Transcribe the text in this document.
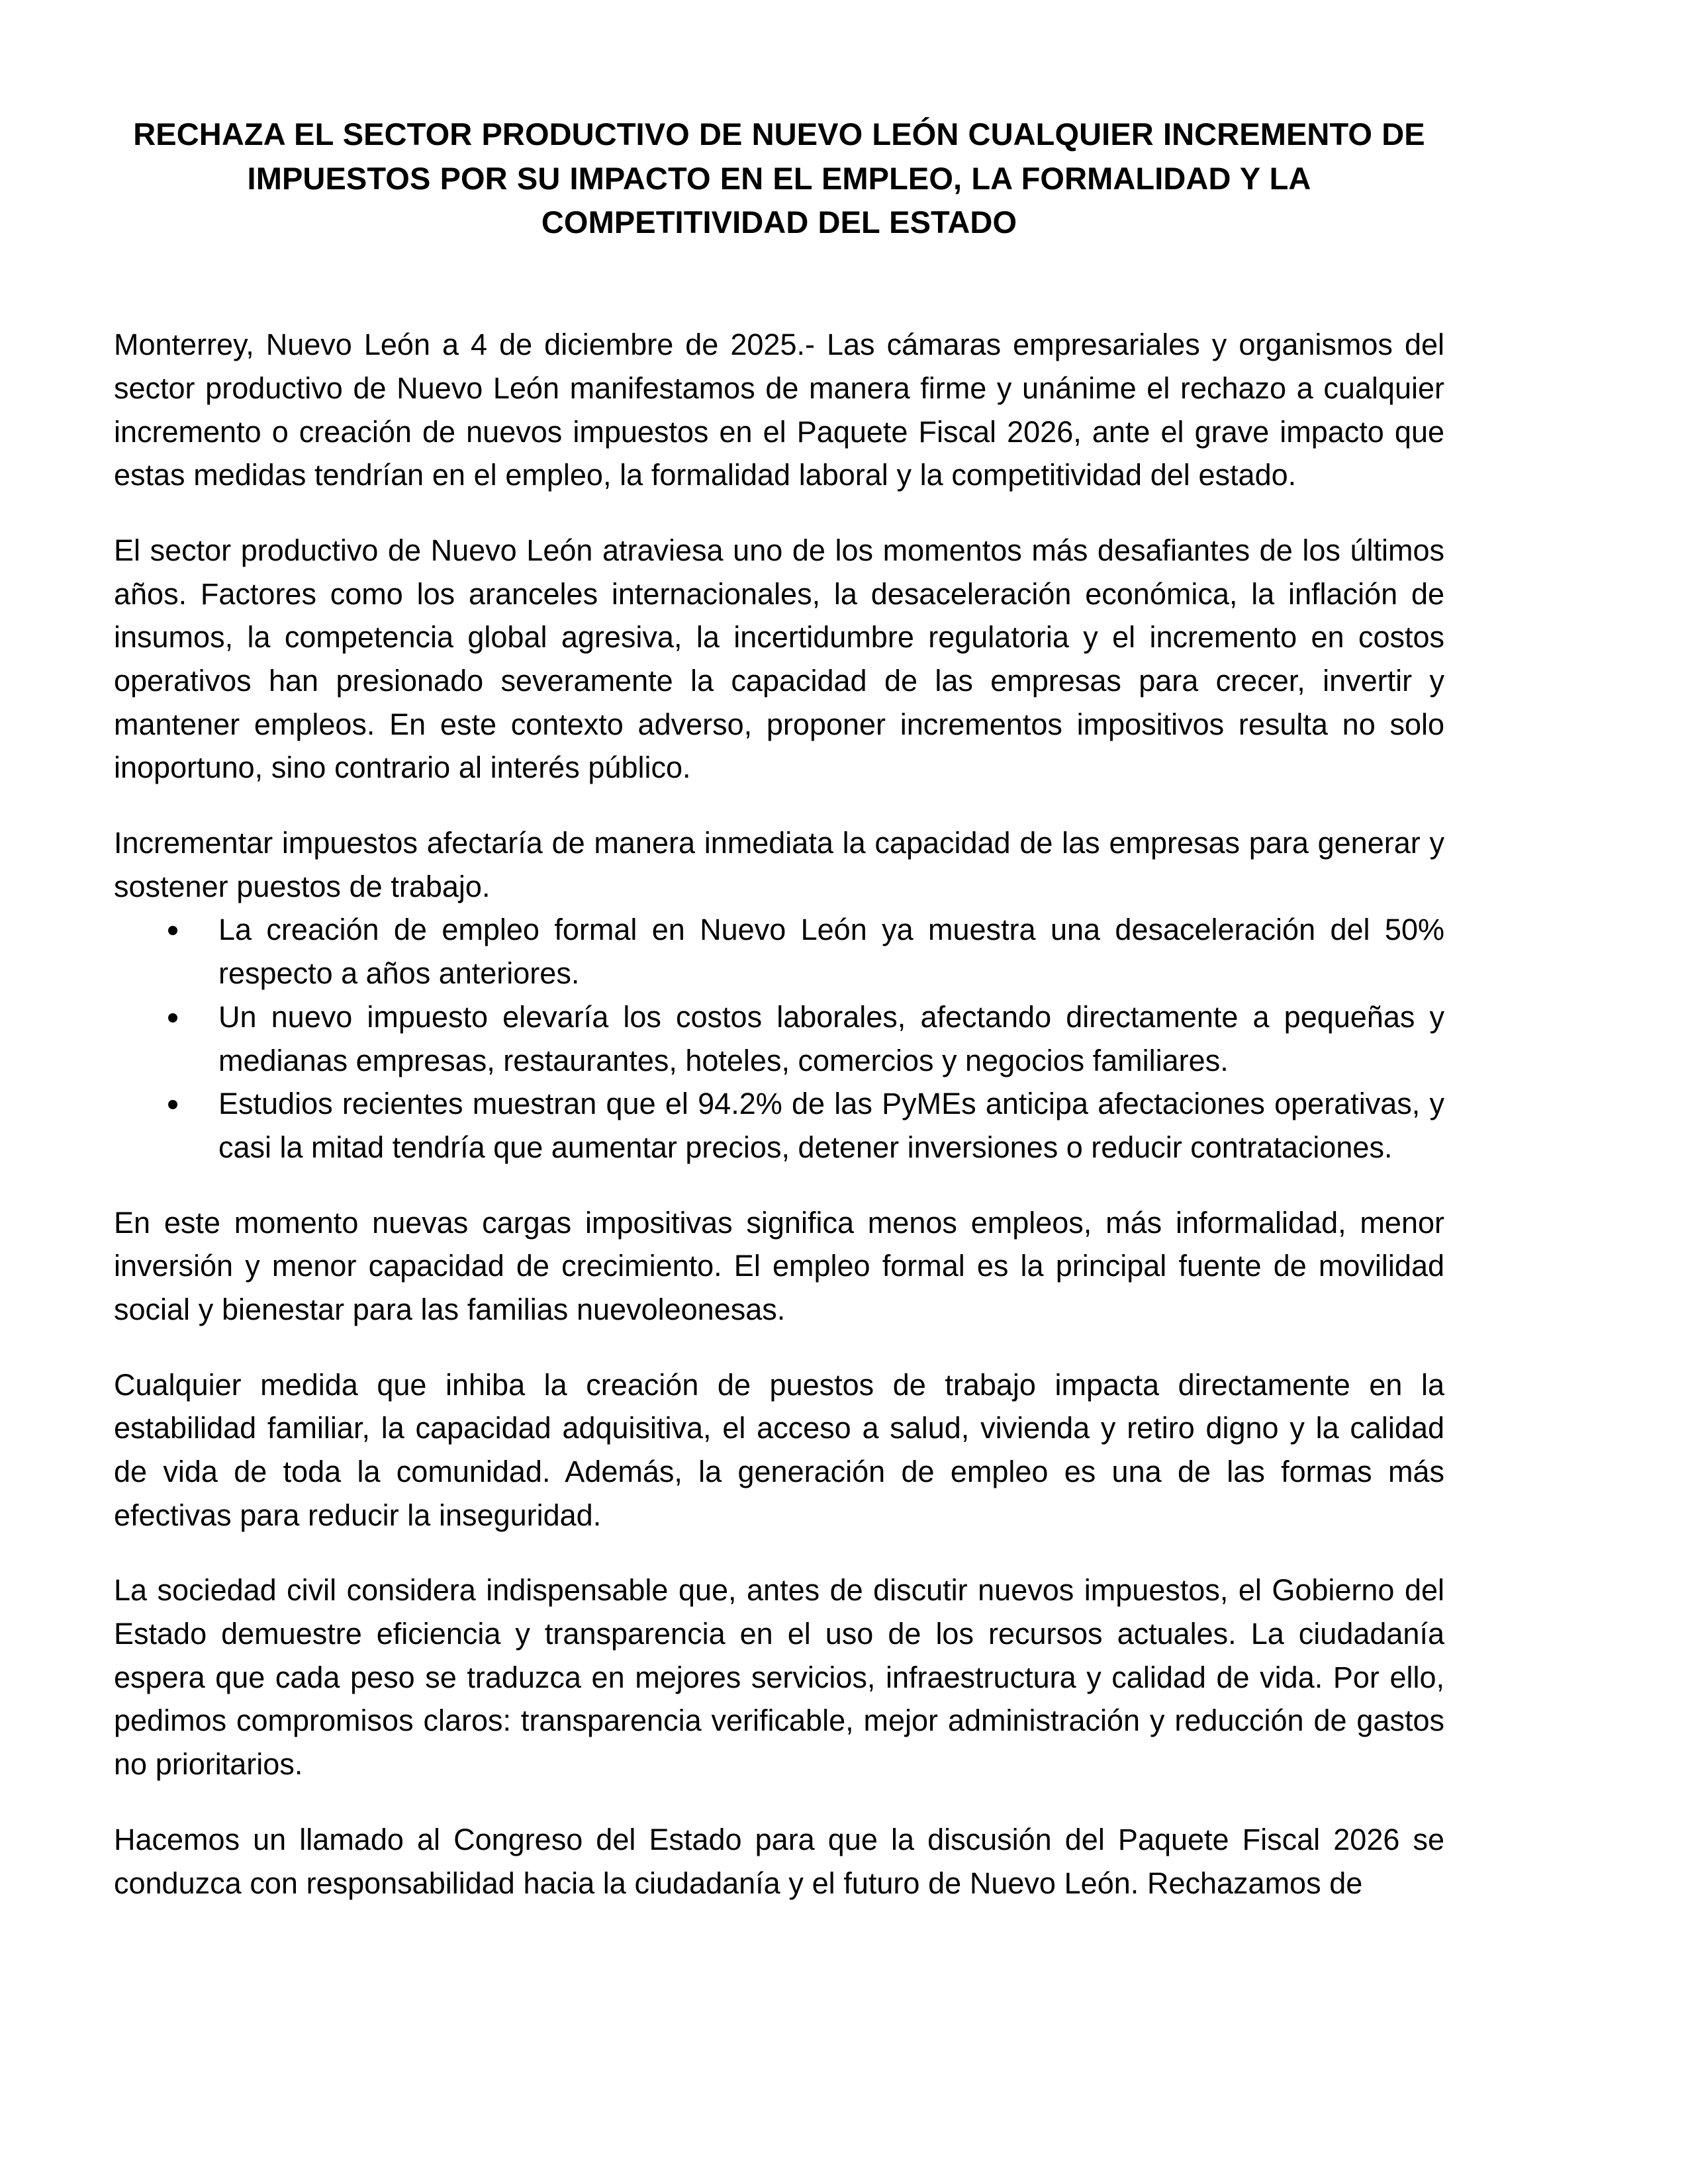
RECHAZA EL SECTOR PRODUCTIVO DE NUEVO LEÓN CUALQUIER INCREMENTO DE IMPUESTOS POR SU IMPACTO EN EL EMPLEO, LA FORMALIDAD Y LA COMPETITIVIDAD DEL ESTADO

Monterrey, Nuevo León a 4 de diciembre de 2025.- Las cámaras empresariales y organismos del sector productivo de Nuevo León manifestamos de manera firme y unánime el rechazo a cualquier incremento o creación de nuevos impuestos en el Paquete Fiscal 2026, ante el grave impacto que estas medidas tendrían en el empleo, la formalidad laboral y la competitividad del estado.

El sector productivo de Nuevo León atraviesa uno de los momentos más desafiantes de los últimos años. Factores como los aranceles internacionales, la desaceleración económica, la inflación de insumos, la competencia global agresiva, la incertidumbre regulatoria y el incremento en costos operativos han presionado severamente la capacidad de las empresas para crecer, invertir y mantener empleos. En este contexto adverso, proponer incrementos impositivos resulta no solo inoportuno, sino contrario al interés público.

Incrementar impuestos afectaría de manera inmediata la capacidad de las empresas para generar y sostener puestos de trabajo.

La creación de empleo formal en Nuevo León ya muestra una desaceleración del 50% respecto a años anteriores.
Un nuevo impuesto elevaría los costos laborales, afectando directamente a pequeñas y medianas empresas, restaurantes, hoteles, comercios y negocios familiares.
Estudios recientes muestran que el 94.2% de las PyMEs anticipa afectaciones operativas, y casi la mitad tendría que aumentar precios, detener inversiones o reducir contrataciones.

En este momento nuevas cargas impositivas significa menos empleos, más informalidad, menor inversión y menor capacidad de crecimiento. El empleo formal es la principal fuente de movilidad social y bienestar para las familias nuevoleonesas.

Cualquier medida que inhiba la creación de puestos de trabajo impacta directamente en la estabilidad familiar, la capacidad adquisitiva, el acceso a salud, vivienda y retiro digno y la calidad de vida de toda la comunidad. Además, la generación de empleo es una de las formas más efectivas para reducir la inseguridad.

La sociedad civil considera indispensable que, antes de discutir nuevos impuestos, el Gobierno del Estado demuestre eficiencia y transparencia en el uso de los recursos actuales. La ciudadanía espera que cada peso se traduzca en mejores servicios, infraestructura y calidad de vida. Por ello, pedimos compromisos claros: transparencia verificable, mejor administración y reducción de gastos no prioritarios.

Hacemos un llamado al Congreso del Estado para que la discusión del Paquete Fiscal 2026 se conduzca con responsabilidad hacia la ciudadanía y el futuro de Nuevo León. Rechazamos de
